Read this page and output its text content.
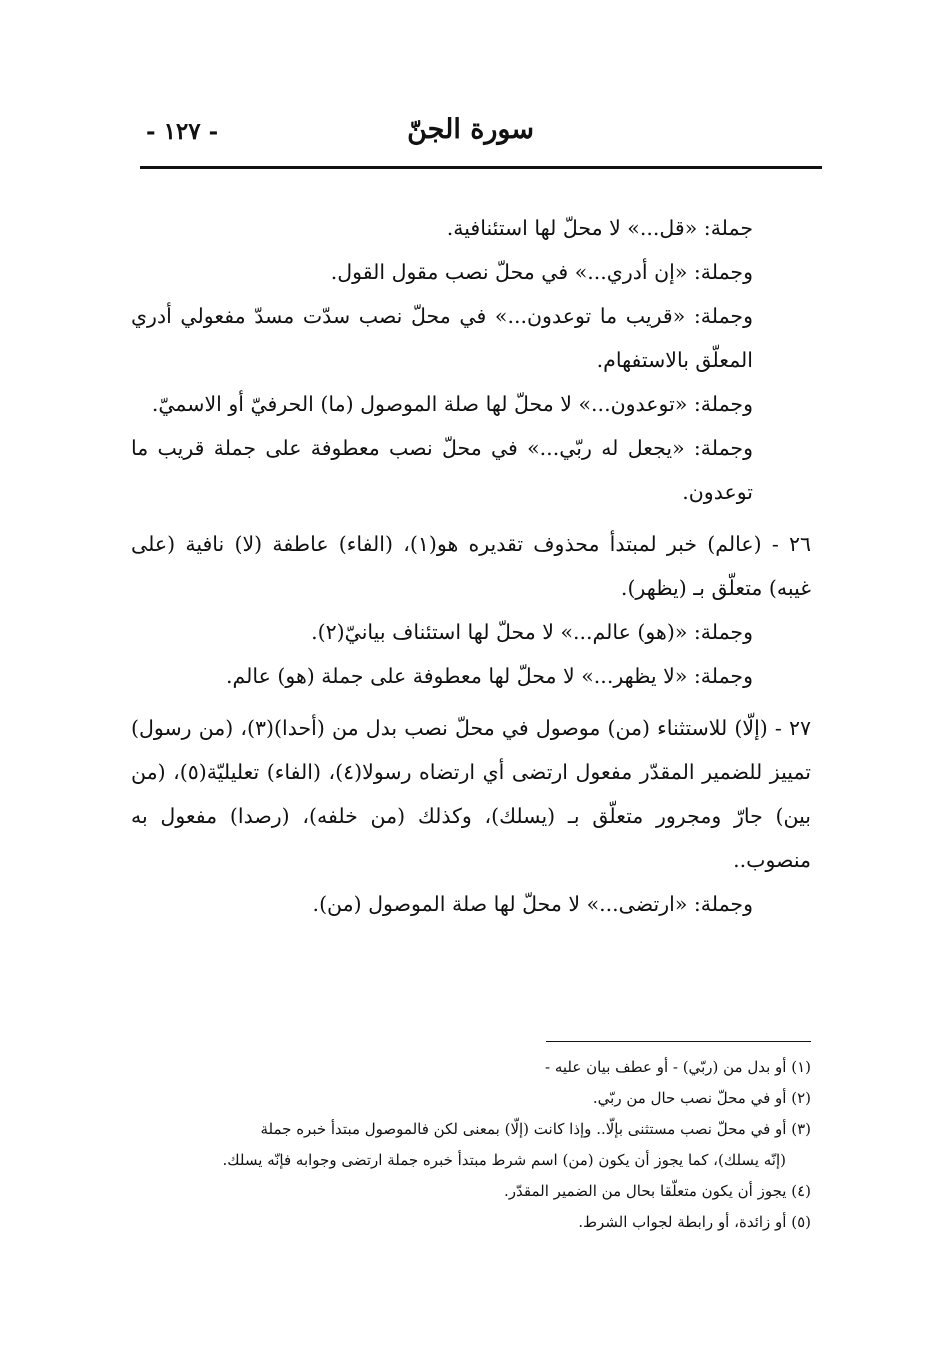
سورة الجنّ
- ١٢٧ -

جملة: «قل...» لا محلّ لها استئنافية.

وجملة: «إن أدري...» في محلّ نصب مقول القول.

وجملة: «قريب ما توعدون...» في محلّ نصب سدّت مسدّ مفعولي أدري المعلّق بالاستفهام.

وجملة: «توعدون...» لا محلّ لها صلة الموصول (ما) الحرفيّ أو الاسميّ.

وجملة: «يجعل له ربّي...» في محلّ نصب معطوفة على جملة قريب ما توعدون.

٢٦ - (عالم) خبر لمبتدأ محذوف تقديره هو(١)، (الفاء) عاطفة (لا) نافية (على غيبه) متعلّق بـ (يظهر).

وجملة: «(هو) عالم...» لا محلّ لها استئناف بيانيّ(٢).

وجملة: «لا يظهر...» لا محلّ لها معطوفة على جملة (هو) عالم.

٢٧ - (إلّا) للاستثناء (من) موصول في محلّ نصب بدل من (أحدا)(٣)، (من رسول) تمييز للضمير المقدّر مفعول ارتضى أي ارتضاه رسولا(٤)، (الفاء) تعليليّة(٥)، (من بين) جارّ ومجرور متعلّق بـ (يسلك)، وكذلك (من خلفه)، (رصدا) مفعول به منصوب..

وجملة: «ارتضى...» لا محلّ لها صلة الموصول (من).

(١) أو بدل من (ربّي) - أو عطف بيان عليه -

(٢) أو في محلّ نصب حال من ربّي.

(٣) أو في محلّ نصب مستثنى بإلّا.. وإذا كانت (إلّا) بمعنى لكن فالموصول مبتدأ خبره جملة

(إنّه يسلك)، كما يجوز أن يكون (من) اسم شرط مبتدأ خبره جملة ارتضى وجوابه فإنّه يسلك.

(٤) يجوز أن يكون متعلّقا بحال من الضمير المقدّر.

(٥) أو زائدة، أو رابطة لجواب الشرط.
